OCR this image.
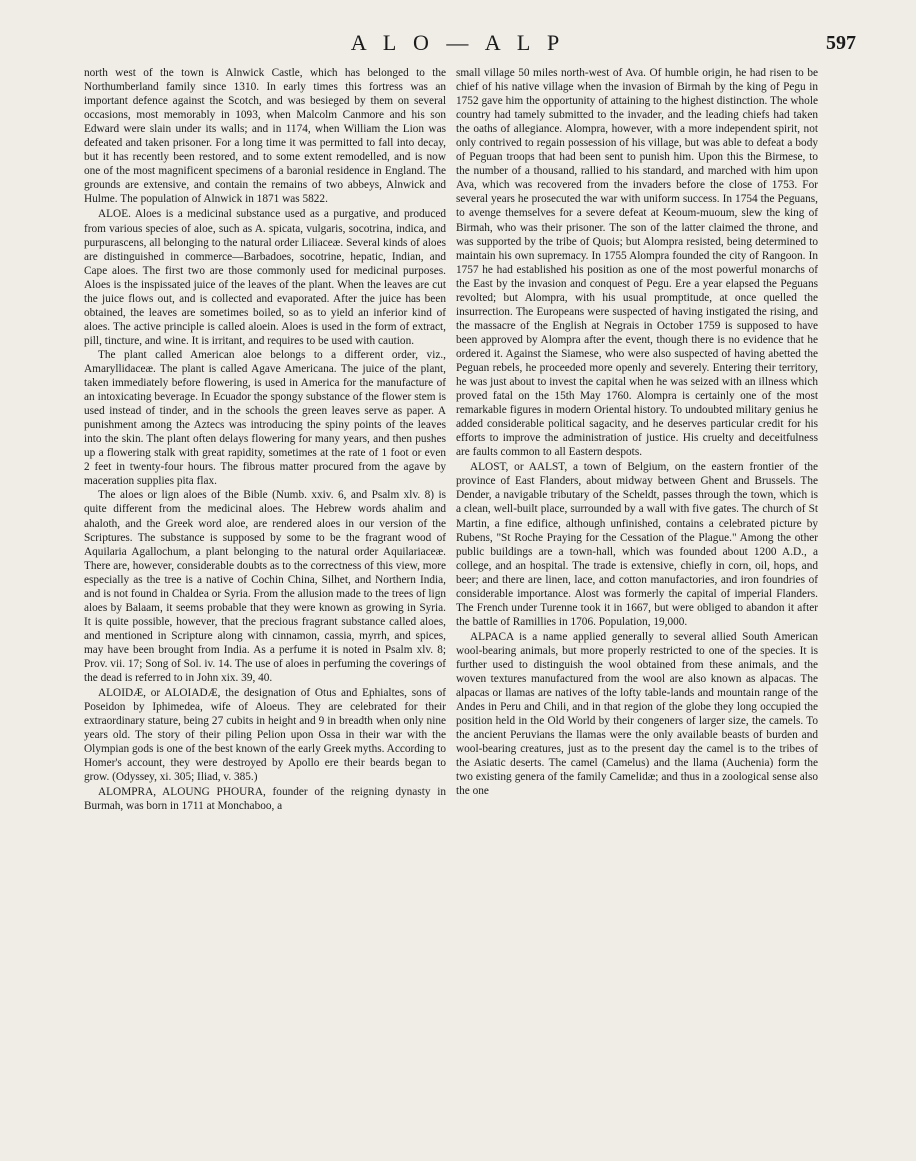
A L O — A L P	597

north west of the town is Alnwick Castle, which has belonged to the Northumberland family since 1310. In early times this fortress was an important defence against the Scotch, and was besieged by them on several occasions, most memorably in 1093, when Malcolm Canmore and his son Edward were slain under its walls; and in 1174, when William the Lion was defeated and taken prisoner. For a long time it was permitted to fall into decay, but it has recently been restored, and to some extent remodelled, and is now one of the most magnificent specimens of a baronial residence in England. The grounds are extensive, and contain the remains of two abbeys, Alnwick and Hulme. The population of Alnwick in 1871 was 5822.

ALOE. Aloes is a medicinal substance used as a purgative, and produced from various species of aloe, such as A. spicata, vulgaris, socotrina, indica, and purpurascens, all belonging to the natural order Liliaceæ. Several kinds of aloes are distinguished in commerce—Barbadoes, socotrine, hepatic, Indian, and Cape aloes. The first two are those commonly used for medicinal purposes. Aloes is the inspissated juice of the leaves of the plant. When the leaves are cut the juice flows out, and is collected and evaporated. After the juice has been obtained, the leaves are sometimes boiled, so as to yield an inferior kind of aloes. The active principle is called aloein. Aloes is used in the form of extract, pill, tincture, and wine. It is irritant, and requires to be used with caution.

The plant called American aloe belongs to a different order, viz., Amaryllidaceæ. The plant is called Agave Americana. The juice of the plant, taken immediately before flowering, is used in America for the manufacture of an intoxicating beverage. In Ecuador the spongy substance of the flower stem is used instead of tinder, and in the schools the green leaves serve as paper. A punishment among the Aztecs was introducing the spiny points of the leaves into the skin. The plant often delays flowering for many years, and then pushes up a flowering stalk with great rapidity, sometimes at the rate of 1 foot or even 2 feet in twenty-four hours. The fibrous matter procured from the agave by maceration supplies pita flax.

The aloes or lign aloes of the Bible (Numb. xxiv. 6, and Psalm xlv. 8) is quite different from the medicinal aloes. The Hebrew words ahalim and ahaloth, and the Greek word aloe, are rendered aloes in our version of the Scriptures. The substance is supposed by some to be the fragrant wood of Aquilaria Agallochum, a plant belonging to the natural order Aquilariaceæ. There are, however, considerable doubts as to the correctness of this view, more especially as the tree is a native of Cochin China, Silhet, and Northern India, and is not found in Chaldea or Syria. From the allusion made to the trees of lign aloes by Balaam, it seems probable that they were known as growing in Syria. It is quite possible, however, that the precious fragrant substance called aloes, and mentioned in Scripture along with cinnamon, cassia, myrrh, and spices, may have been brought from India. As a perfume it is noted in Psalm xlv. 8; Prov. vii. 17; Song of Sol. iv. 14. The use of aloes in perfuming the coverings of the dead is referred to in John xix. 39, 40.

ALOIDÆ, or ALOIADÆ, the designation of Otus and Ephialtes, sons of Poseidon by Iphimedea, wife of Aloeus. They are celebrated for their extraordinary stature, being 27 cubits in height and 9 in breadth when only nine years old. The story of their piling Pelion upon Ossa in their war with the Olympian gods is one of the best known of the early Greek myths. According to Homer's account, they were destroyed by Apollo ere their beards began to grow. (Odyssey, xi. 305; Iliad, v. 385.)

ALOMPRA, ALOUNG PHOURA, founder of the reigning dynasty in Burmah, was born in 1711 at Monchaboo, a

small village 50 miles north-west of Ava. Of humble origin, he had risen to be chief of his native village when the invasion of Birmah by the king of Pegu in 1752 gave him the opportunity of attaining to the highest distinction. The whole country had tamely submitted to the invader, and the leading chiefs had taken the oaths of allegiance. Alompra, however, with a more independent spirit, not only contrived to regain possession of his village, but was able to defeat a body of Peguan troops that had been sent to punish him. Upon this the Birmese, to the number of a thousand, rallied to his standard, and marched with him upon Ava, which was recovered from the invaders before the close of 1753. For several years he prosecuted the war with uniform success. In 1754 the Peguans, to avenge themselves for a severe defeat at Keoum-muoum, slew the king of Birmah, who was their prisoner. The son of the latter claimed the throne, and was supported by the tribe of Quois; but Alompra resisted, being determined to maintain his own supremacy. In 1755 Alompra founded the city of Rangoon. In 1757 he had established his position as one of the most powerful monarchs of the East by the invasion and conquest of Pegu. Ere a year elapsed the Peguans revolted; but Alompra, with his usual promptitude, at once quelled the insurrection. The Europeans were suspected of having instigated the rising, and the massacre of the English at Negrais in October 1759 is supposed to have been approved by Alompra after the event, though there is no evidence that he ordered it. Against the Siamese, who were also suspected of having abetted the Peguan rebels, he proceeded more openly and severely. Entering their territory, he was just about to invest the capital when he was seized with an illness which proved fatal on the 15th May 1760. Alompra is certainly one of the most remarkable figures in modern Oriental history. To undoubted military genius he added considerable political sagacity, and he deserves particular credit for his efforts to improve the administration of justice. His cruelty and deceitfulness are faults common to all Eastern despots.

ALOST, or AALST, a town of Belgium, on the eastern frontier of the province of East Flanders, about midway between Ghent and Brussels. The Dender, a navigable tributary of the Scheldt, passes through the town, which is a clean, well-built place, surrounded by a wall with five gates. The church of St Martin, a fine edifice, although unfinished, contains a celebrated picture by Rubens, "St Roche Praying for the Cessation of the Plague." Among the other public buildings are a town-hall, which was founded about 1200 A.D., a college, and an hospital. The trade is extensive, chiefly in corn, oil, hops, and beer; and there are linen, lace, and cotton manufactories, and iron foundries of considerable importance. Alost was formerly the capital of imperial Flanders. The French under Turenne took it in 1667, but were obliged to abandon it after the battle of Ramillies in 1706. Population, 19,000.

ALPACA is a name applied generally to several allied South American wool-bearing animals, but more properly restricted to one of the species. It is further used to distinguish the wool obtained from these animals, and the woven textures manufactured from the wool are also known as alpacas. The alpacas or llamas are natives of the lofty table-lands and mountain range of the Andes in Peru and Chili, and in that region of the globe they long occupied the position held in the Old World by their congeners of larger size, the camels. To the ancient Peruvians the llamas were the only available beasts of burden and wool-bearing creatures, just as to the present day the camel is to the tribes of the Asiatic deserts. The camel (Camelus) and the llama (Auchenia) form the two existing genera of the family Camelidæ; and thus in a zoological sense also the one
